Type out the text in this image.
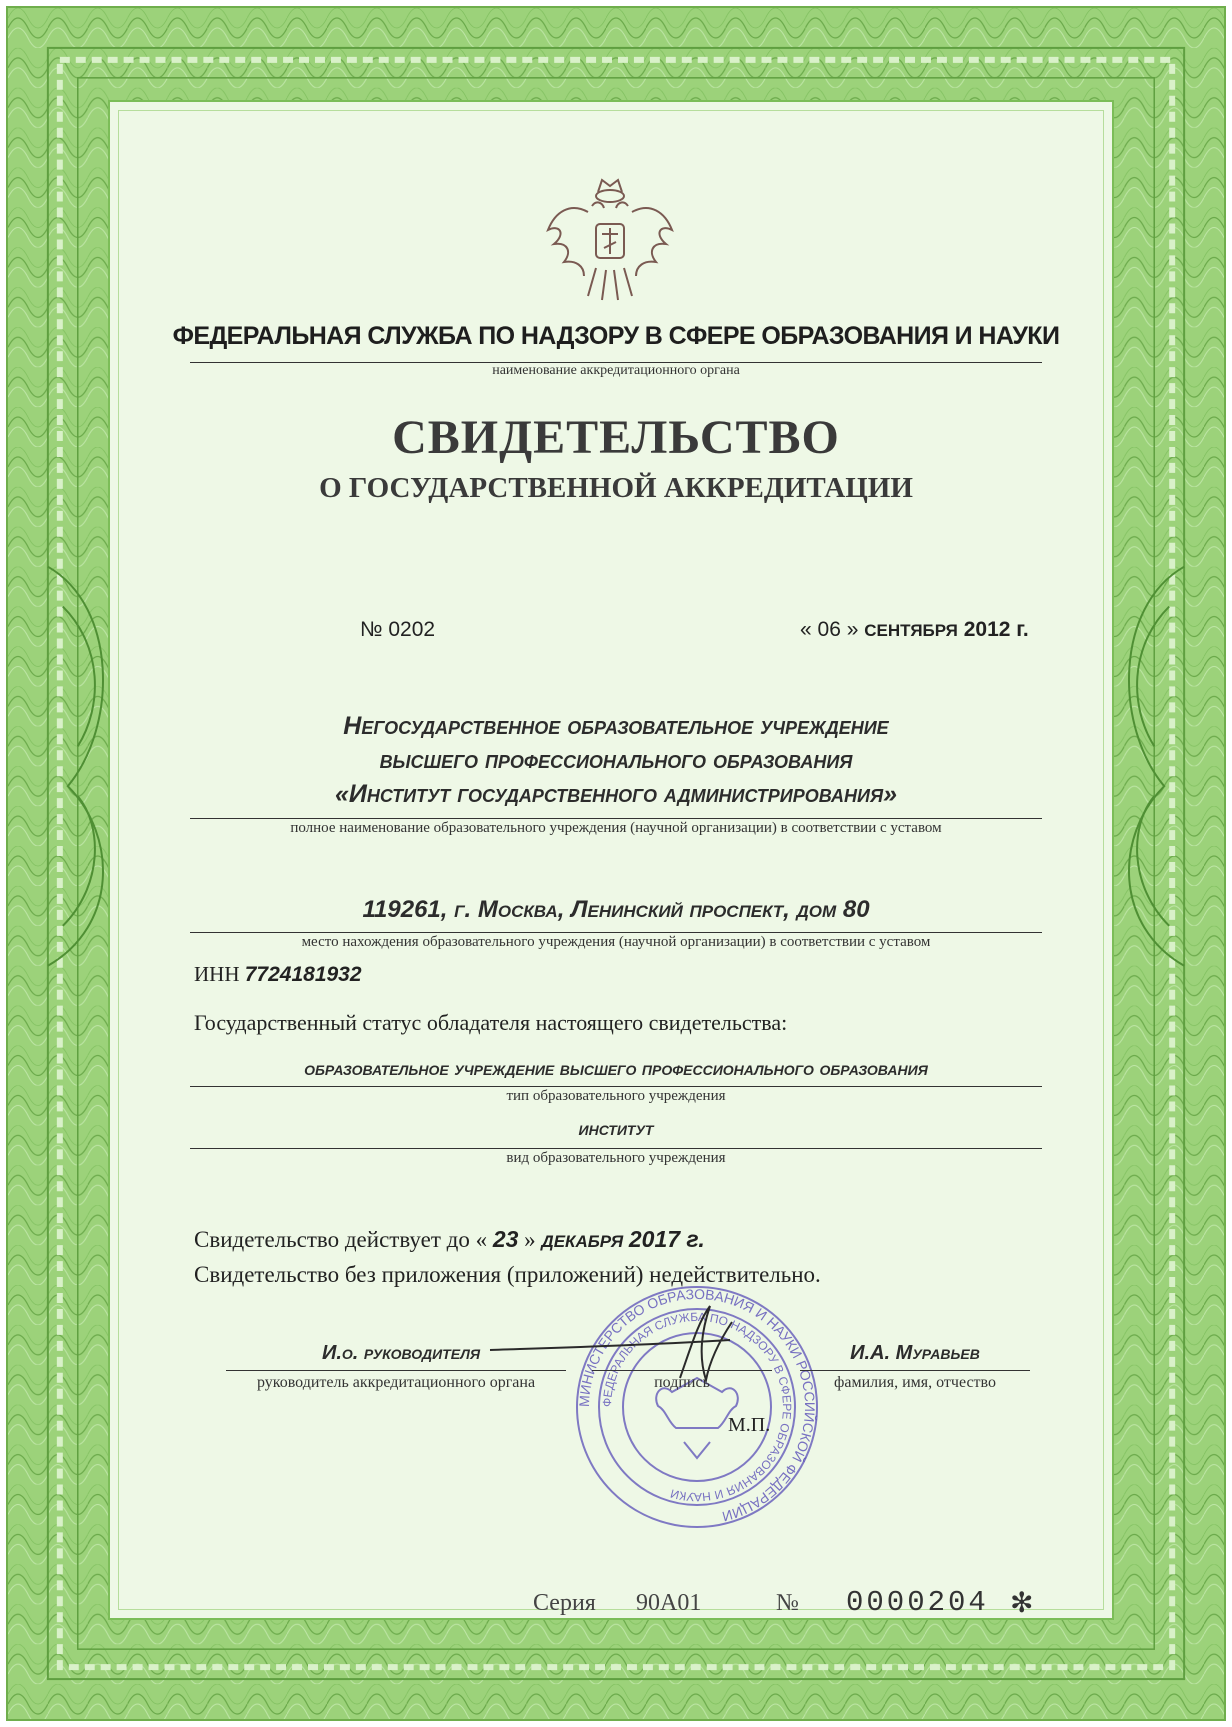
ФЕДЕРАЛЬНАЯ СЛУЖБА ПО НАДЗОРУ В СФЕРЕ ОБРАЗОВАНИЯ И НАУКИ
наименование аккредитационного органа
СВИДЕТЕЛЬСТВО
О ГОСУДАРСТВЕННОЙ АККРЕДИТАЦИИ
№ 0202	« 06 » СЕНТЯБРЯ 2012 г.
Негосударственное образовательное учреждение
высшего профессионального образования
«Институт государственного администрирования»
полное наименование образовательного учреждения (научной организации) в соответствии с уставом
119261, г. Москва, Ленинский проспект, дом 80
место нахождения образовательного учреждения (научной организации) в соответствии с уставом
ИНН 7724181932
Государственный статус обладателя настоящего свидетельства:
образовательное учреждение высшего профессионального образования
тип образовательного учреждения
институт
вид образовательного учреждения
Свидетельство действует до « 23 » ДЕКАБРЯ 2017 г.
Свидетельство без приложения (приложений) недействительно.
МИНИСТЕРСТВО ОБРАЗОВАНИЯ И НАУКИ РОССИЙСКОЙ ФЕДЕРАЦИИ
ФЕДЕРАЛЬНАЯ СЛУЖБА ПО НАДЗОРУ В СФЕРЕ ОБРАЗОВАНИЯ И НАУКИ
И.о. руководителя	И.А. Муравьев
руководитель аккредитационного органа	подпись	фамилия, имя, отчество
М.П.
Серия 90А01	№ 0000204 ✻
